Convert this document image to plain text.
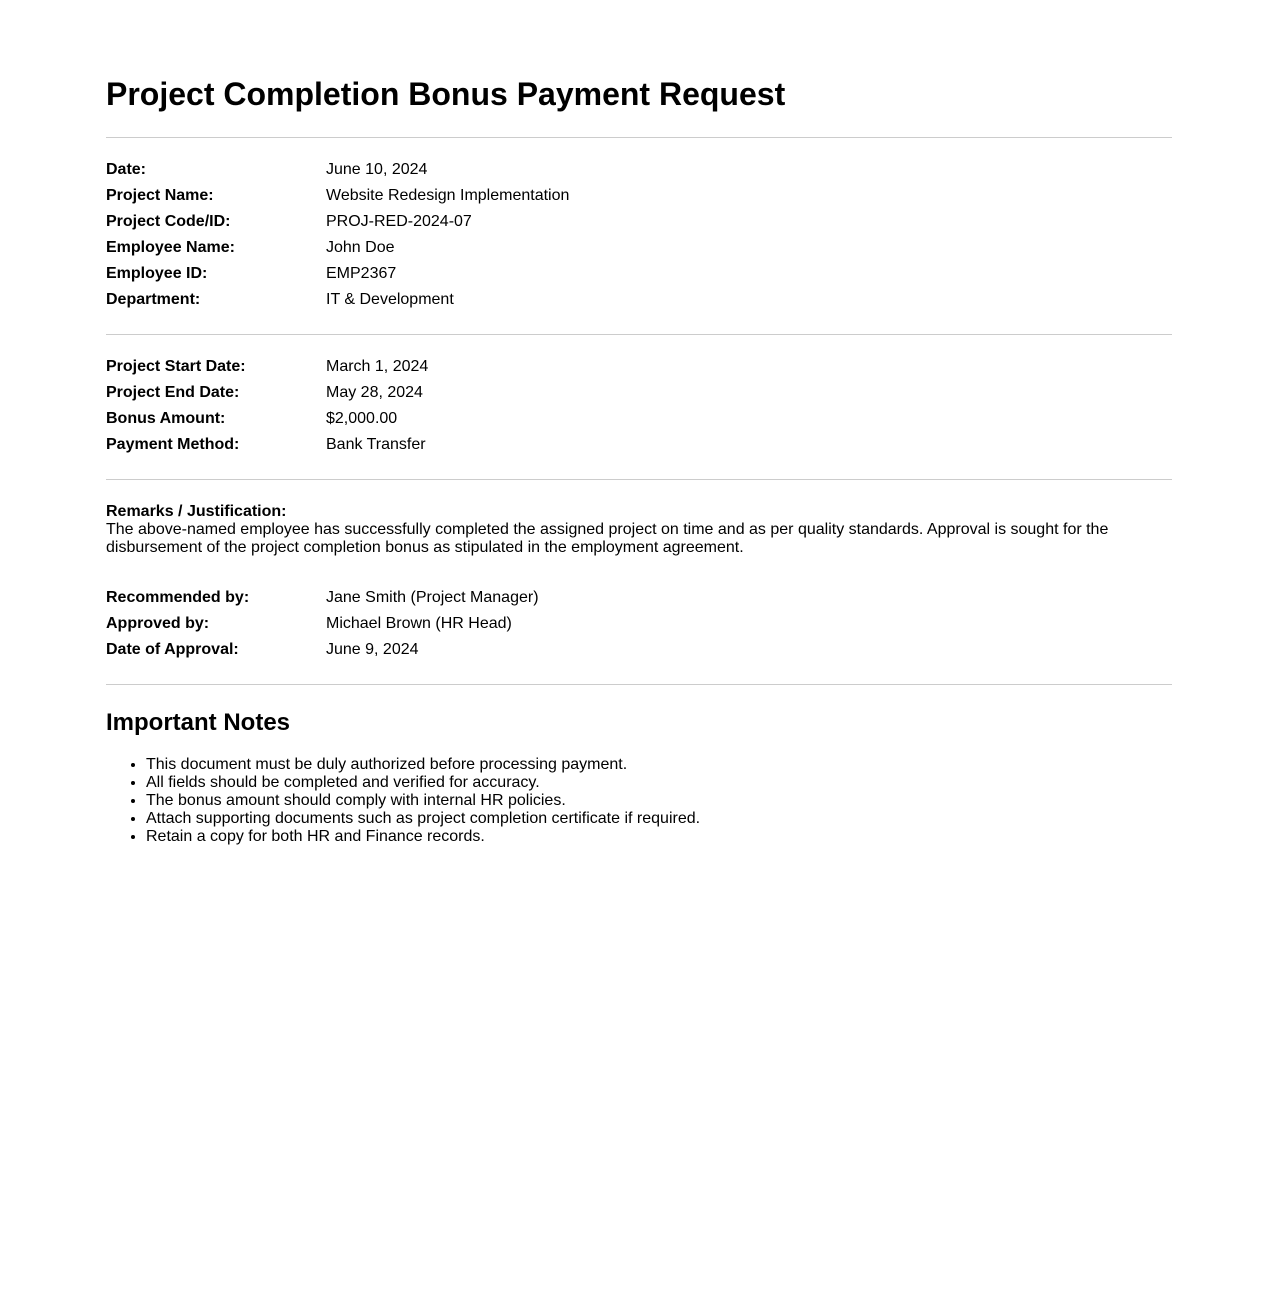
Project Completion Bonus Payment Request
Date:	June 10, 2024
Project Name:	Website Redesign Implementation
Project Code/ID:	PROJ-RED-2024-07
Employee Name:	John Doe
Employee ID:	EMP2367
Department:	IT & Development
Project Start Date:	March 1, 2024
Project End Date:	May 28, 2024
Bonus Amount:	$2,000.00
Payment Method:	Bank Transfer
Remarks / Justification:
The above-named employee has successfully completed the assigned project on time and as per quality standards. Approval is sought for the disbursement of the project completion bonus as stipulated in the employment agreement.
Recommended by:	Jane Smith (Project Manager)
Approved by:	Michael Brown (HR Head)
Date of Approval:	June 9, 2024
Important Notes
• This document must be duly authorized before processing payment.
• All fields should be completed and verified for accuracy.
• The bonus amount should comply with internal HR policies.
• Attach supporting documents such as project completion certificate if required.
• Retain a copy for both HR and Finance records.
